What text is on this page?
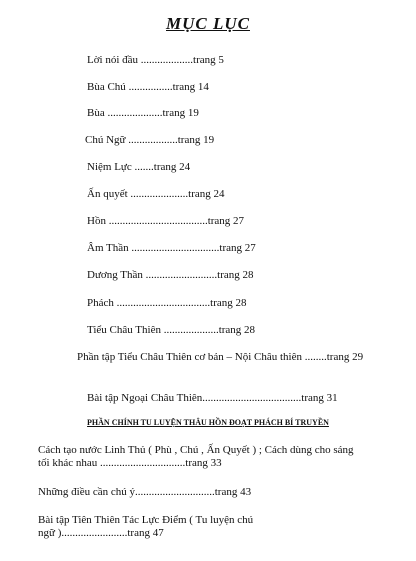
MỤC LỤC
Lời nói đầu ...................trang 5
Bùa Chú ................trang 14
Bùa ....................trang 19
Chú Ngữ ..................trang 19
Niệm Lực .......trang 24
Ấn quyết .....................trang 24
Hồn ....................................trang 27
Âm Thần ................................trang 27
Dương Thần ..........................trang 28
Phách ..................................trang 28
Tiểu Châu Thiên ....................trang 28
Phần tập Tiểu Châu Thiên cơ bản – Nội Châu thiên ........trang 29
Bài tập Ngoại Châu Thiên....................................trang 31
PHẦN CHÍNH TU LUYỆN THÂU HỒN ĐOẠT PHÁCH BÍ TRUYỀN
Cách tạo nước Linh Thủ ( Phù , Chú , Ấn Quyết ) ; Cách dùng cho sáng
tối khác nhau ...............................trang 33
Những điều cần chú ý.............................trang 43
Bài tập Tiên Thiên Tác Lực Điểm ( Tu luyện chú
ngữ )........................trang 47
